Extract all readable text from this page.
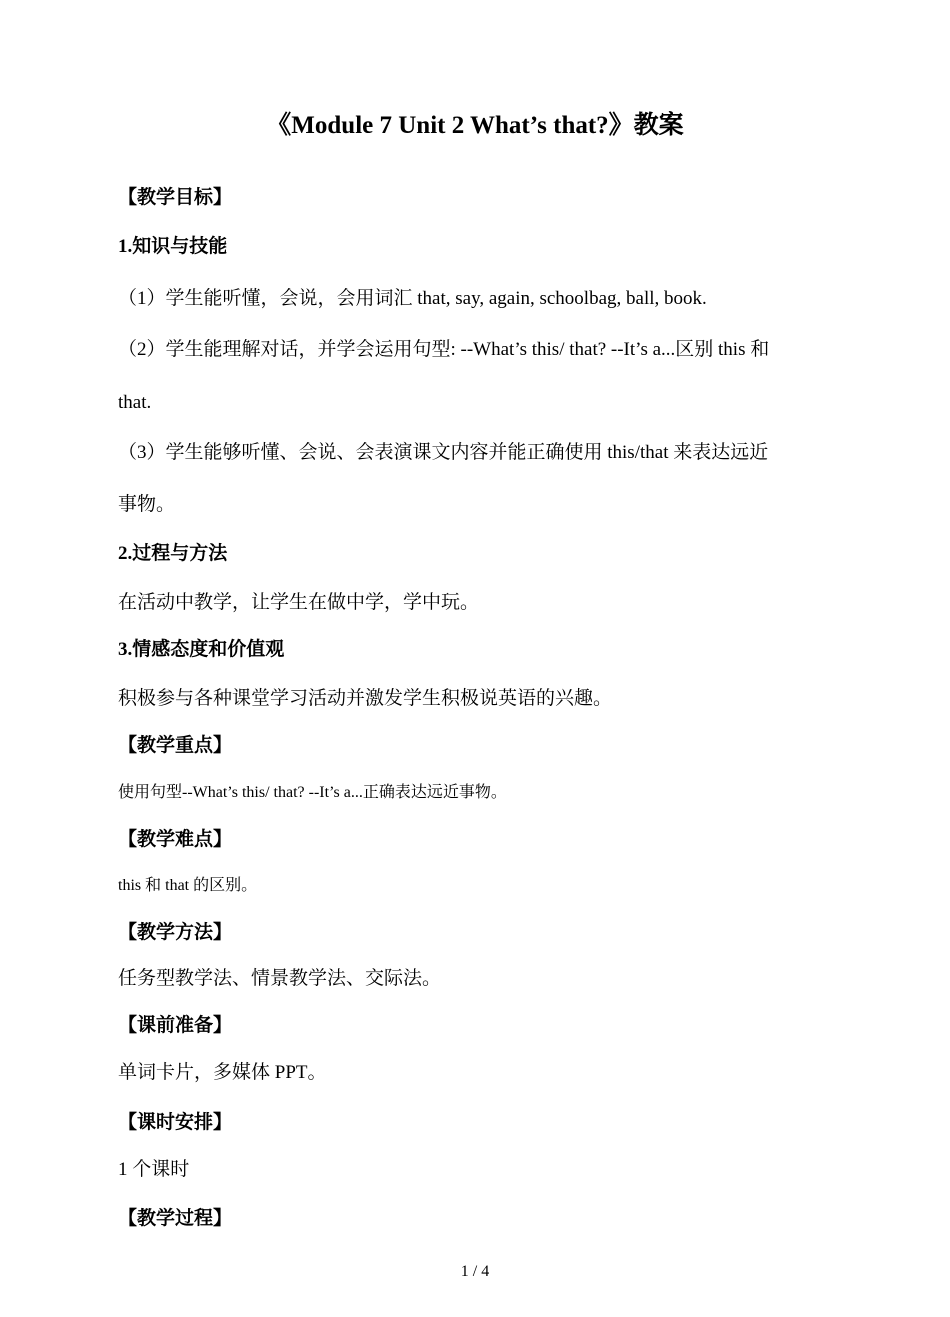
《Module 7 Unit 2 What’s that?》教案
【教学目标】
1.知识与技能
（1）学生能听懂，会说，会用词汇 that, say, again, schoolbag, ball, book.
（2）学生能理解对话，并学会运用句型: --What’s this/ that? --It’s a...区别 this 和
that.
（3）学生能够听懂、会说、会表演课文内容并能正确使用 this/that 来表达远近
事物。
2.过程与方法
在活动中教学，让学生在做中学，学中玩。
3.情感态度和价值观
积极参与各种课堂学习活动并激发学生积极说英语的兴趣。
【教学重点】
使用句型--What’s this/ that? --It’s a...正确表达远近事物。
【教学难点】
this 和 that 的区别。
【教学方法】
任务型教学法、情景教学法、交际法。
【课前准备】
单词卡片，多媒体 PPT。
【课时安排】
1 个课时
【教学过程】
1 / 4
